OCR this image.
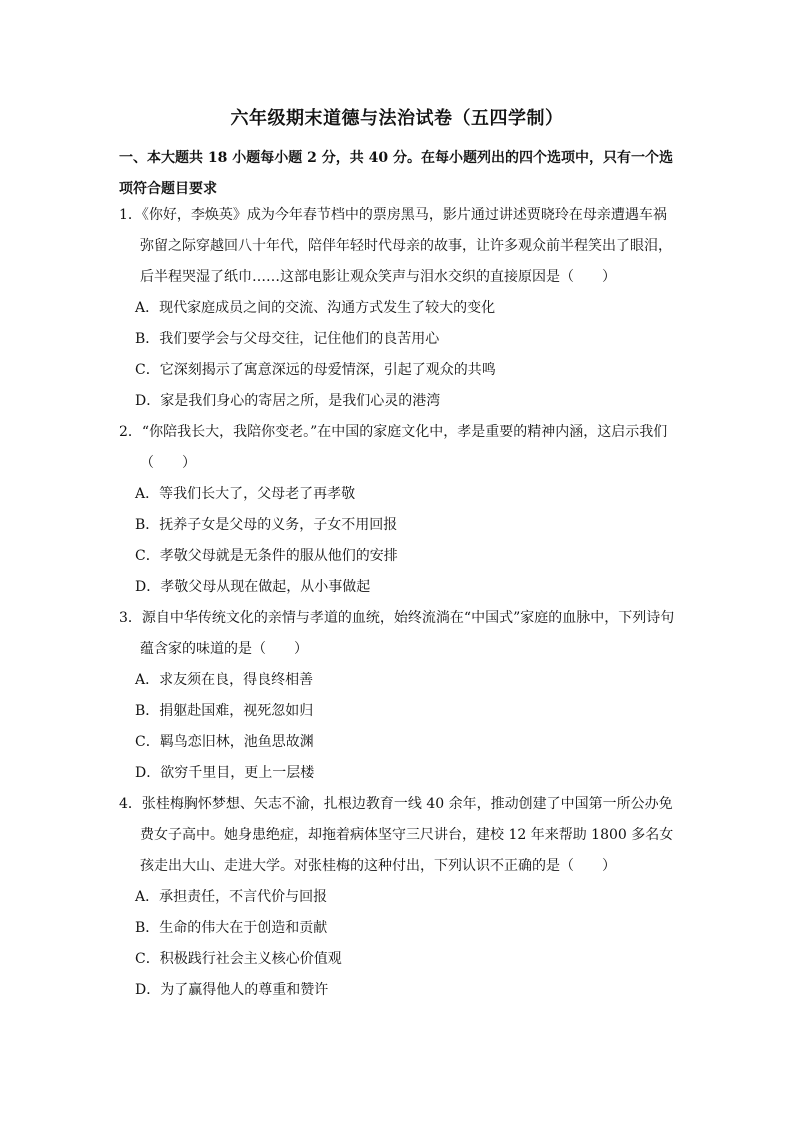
六年级期末道德与法治试卷（五四学制）
一、本大题共 18 小题每小题 2 分，共 40 分。在每小题列出的四个选项中，只有一个选项符合题目要求
1．《你好，李焕英》成为今年春节档中的票房黑马，影片通过讲述贾晓玲在母亲遭遇车祸弥留之际穿越回八十年代，陪伴年轻时代母亲的故事，让许多观众前半程笑出了眼泪，后半程哭湿了纸巾……这部电影让观众笑声与泪水交织的直接原因是（　　）
A．现代家庭成员之间的交流、沟通方式发生了较大的变化
B．我们要学会与父母交往，记住他们的良苦用心
C．它深刻揭示了寓意深远的母爱情深，引起了观众的共鸣
D．家是我们身心的寄居之所，是我们心灵的港湾
2．“你陪我长大，我陪你变老。”在中国的家庭文化中，孝是重要的精神内涵，这启示我们（　　）
A．等我们长大了，父母老了再孝敬
B．抚养子女是父母的义务，子女不用回报
C．孝敬父母就是无条件的服从他们的安排
D．孝敬父母从现在做起，从小事做起
3．源自中华传统文化的亲情与孝道的血统，始终流淌在“中国式”家庭的血脉中，下列诗句蕴含家的味道的是（　　）
A．求友须在良，得良终相善
B．捐躯赴国难，视死忽如归
C．羁鸟恋旧林，池鱼思故渊
D．欲穷千里目，更上一层楼
4．张桂梅胸怀梦想、矢志不渝，扎根边教育一线 40 余年，推动创建了中国第一所公办免费女子高中。她身患绝症，却拖着病体坚守三尺讲台，建校 12 年来帮助 1800 多名女孩走出大山、走进大学。对张桂梅的这种付出，下列认识不正确的是（　　）
A．承担责任，不言代价与回报
B．生命的伟大在于创造和贡献
C．积极践行社会主义核心价值观
D．为了赢得他人的尊重和赞许
